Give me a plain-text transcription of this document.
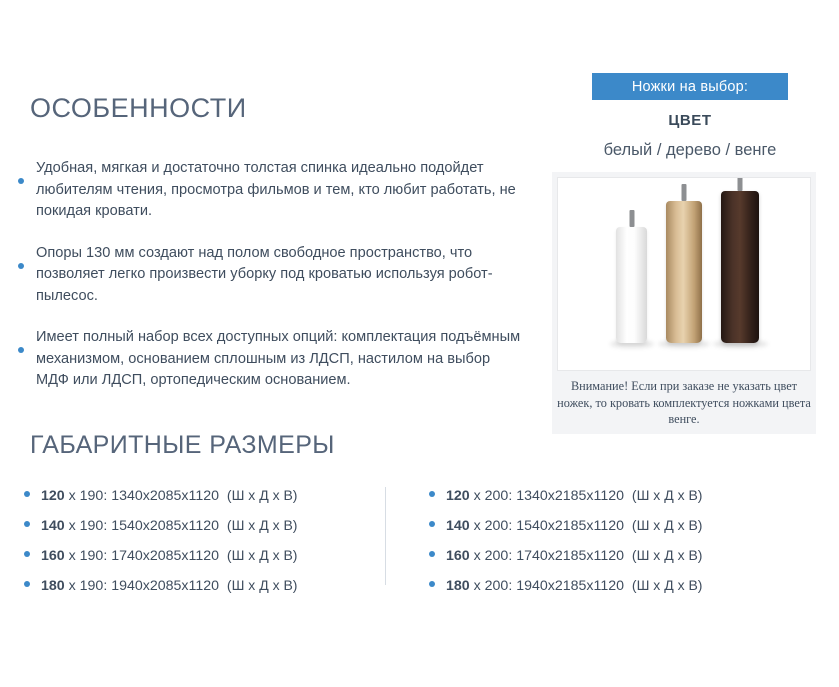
ОСОБЕННОСТИ
Удобная, мягкая и достаточно толстая спинка идеально подойдет любителям чтения, просмотра фильмов и тем, кто любит работать, не покидая кровати.
Опоры 130 мм создают над полом свободное пространство, что позволяет легко произвести уборку под кроватью используя робот-пылесос.
Имеет полный набор всех доступных опций: комплектация подъёмным механизмом, основанием сплошным из ЛДСП, настилом на выбор МДФ или ЛДСП, ортопедическим основанием.
ГАБАРИТНЫЕ РАЗМЕРЫ
120 x 190: 1340x2085x1120 (Ш х Д х В)
140 x 190: 1540x2085x1120 (Ш х Д х В)
160 x 190: 1740x2085x1120 (Ш х Д х В)
180 x 190: 1940x2085x1120 (Ш х Д х В)
120 x 200: 1340x2185x1120 (Ш х Д х В)
140 x 200: 1540x2185x1120 (Ш х Д х В)
160 x 200: 1740x2185x1120 (Ш х Д х В)
180 x 200: 1940x2185x1120 (Ш х Д х В)
Ножки на выбор:
ЦВЕТ
белый / дерево / венге
Внимание! Если при заказе не указать цвет ножек, то кровать комплектуется ножками цвета венге.
